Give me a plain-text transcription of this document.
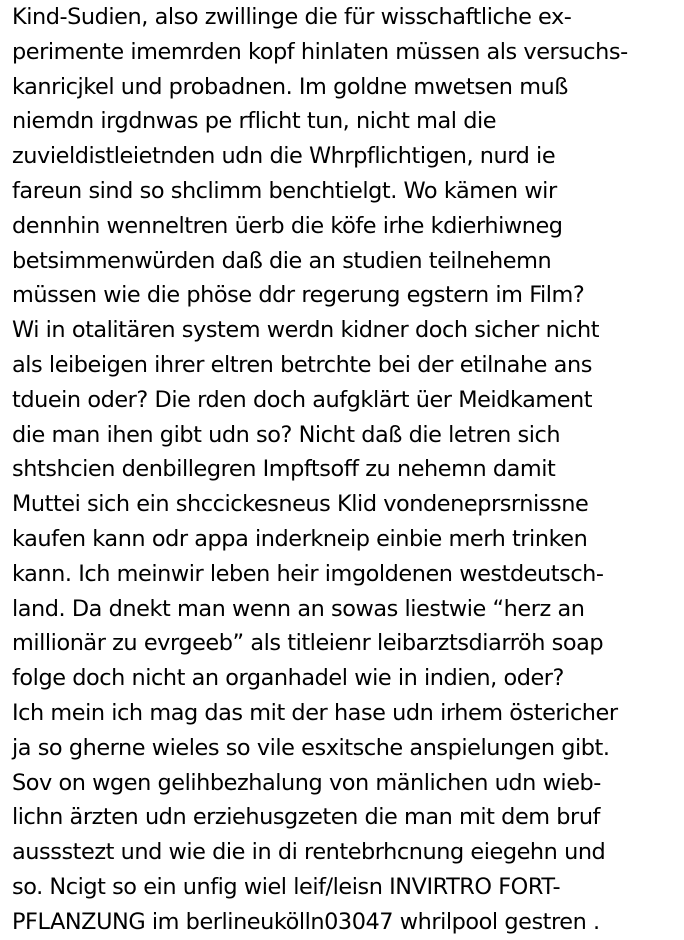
Kind-Sudien, also zwillinge die für wisschaftliche ex-
perimente imemrden kopf hinlaten müssen als versuchs-
kanricjkel und probadnen. Im goldne mwetsen muß
niemdn irgdnwas pe rflicht tun, nicht mal die
zuvieldistleietnden udn die Whrpflichtigen, nurd ie
fareun sind so shclimm benchtielgt. Wo kämen wir
dennhin wenneltren üerb die köfe irhe kdierhiwneg
betsimmenwürden daß die an studien teilnehemn
müssen wie die phöse ddr regerung egstern im Film?
Wi in otalitären system werdn kidner doch sicher nicht
als leibeigen ihrer eltren betrchte bei der etilnahe ans
tduein oder? Die rden doch aufgklärt üer Meidkament
die man ihen gibt udn so? Nicht daß die letren sich
shtshcien denbillegren Impftsoff zu nehemn damit
Muttei sich ein shccickesneus Klid vondeneprsrnissne
kaufen kann odr appa inderkneip einbie merh trinken
kann. Ich meinwir leben heir imgoldenen westdeutsch-
land. Da dnekt man wenn an sowas liestwie “herz an
millionär zu evrgeeb” als titleienr leibarztsdiarröh soap
folge doch nicht an organhadel wie in indien, oder?
Ich mein ich mag das mit der hase udn irhem östericher
ja so gherne wieles so vile esxitsche anspielungen gibt.
Sov on wgen gelihbezhalung von mänlichen udn wieb-
lichn ärzten udn erziehusgzeten die man mit dem bruf
aussstezt und wie die in di rentebrhcnung eiegehn und
so. Ncigt so ein unfig wiel leif/leisn INVIRTRO FORT-
PFLANZUNG im berlineukölln03047 whrilpool gestren .
